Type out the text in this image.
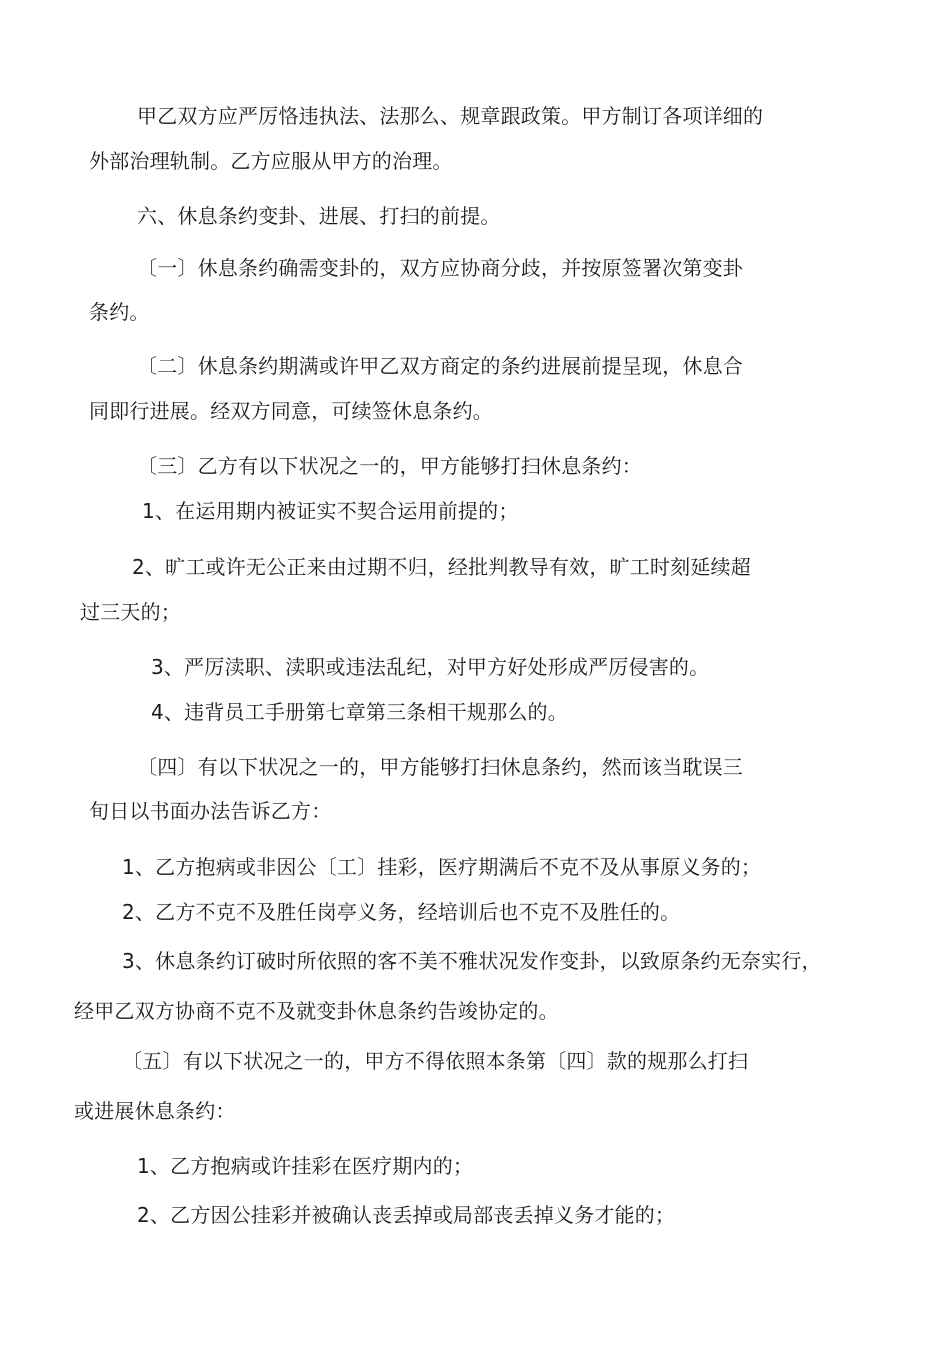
甲乙双方应严厉恪违执法、法那么、规章跟政策。甲方制订各项详细的
外部治理轨制。乙方应服从甲方的治理。
六、休息条约变卦、进展、打扫的前提。
〔一〕休息条约确需变卦的，双方应协商分歧，并按原签署次第变卦
条约。
〔二〕休息条约期满或许甲乙双方商定的条约进展前提呈现，休息合
同即行进展。经双方同意，可续签休息条约。
〔三〕乙方有以下状况之一的，甲方能够打扫休息条约：
1、在运用期内被证实不契合运用前提的；
2、旷工或许无公正来由过期不归，经批判教导有效，旷工时刻延续超
过三天的；
3、严厉渎职、渎职或违法乱纪，对甲方好处形成严厉侵害的。
4、违背员工手册第七章第三条相干规那么的。
〔四〕有以下状况之一的，甲方能够打扫休息条约，然而该当耽误三
旬日以书面办法告诉乙方：
1、乙方抱病或非因公〔工〕挂彩，医疗期满后不克不及从事原义务的；
2、乙方不克不及胜任岗亭义务，经培训后也不克不及胜任的。
3、休息条约订破时所依照的客不美不雅状况发作变卦，以致原条约无奈实行，
经甲乙双方协商不克不及就变卦休息条约告竣协定的。
〔五〕有以下状况之一的，甲方不得依照本条第〔四〕款的规那么打扫
或进展休息条约：
1、乙方抱病或许挂彩在医疗期内的；
2、乙方因公挂彩并被确认丧丢掉或局部丧丢掉义务才能的；
